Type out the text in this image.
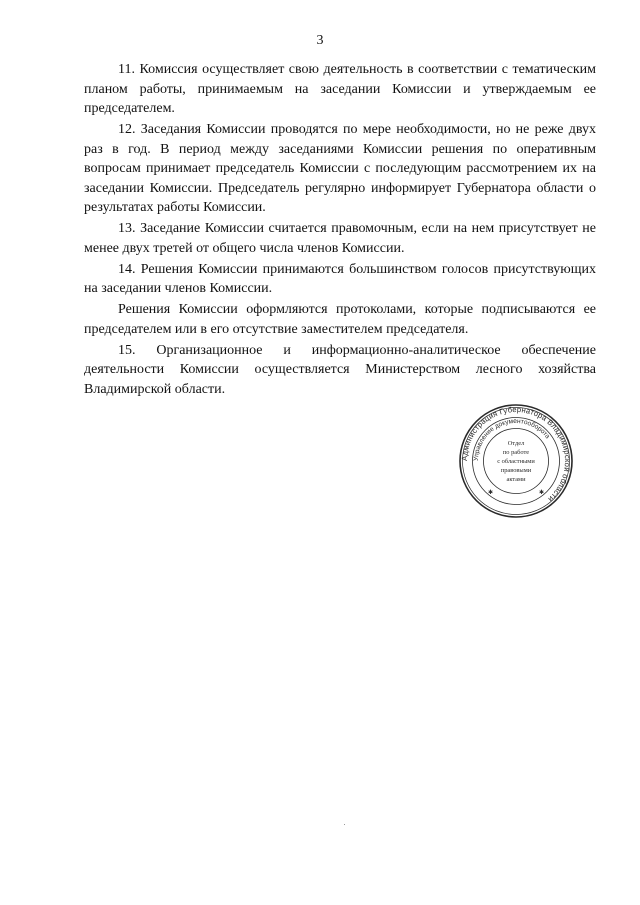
3

11. Комиссия осуществляет свою деятельность в соответствии с тематическим планом работы, принимаемым на заседании Комиссии и утверждаемым ее председателем.

12. Заседания Комиссии проводятся по мере необходимости, но не реже двух раз в год. В период между заседаниями Комиссии решения по оперативным вопросам принимает председатель Комиссии с последующим рассмотрением их на заседании Комиссии. Председатель регулярно информирует Губернатора области о результатах работы Комиссии.

13. Заседание Комиссии считается правомочным, если на нем присутствует не менее двух третей от общего числа членов Комиссии.

14. Решения Комиссии принимаются большинством голосов присутствующих на заседании членов Комиссии.

Решения Комиссии оформляются протоколами, которые подписываются ее председателем или в его отсутствие заместителем председателя.

15. Организационное и информационно-аналитическое обеспечение деятельности Комиссии осуществляется Министерством лесного хозяйства Владимирской области.

Администрация Губернатора Владимирской области
Управление документооборота
Отдел
по работе
с областными
правовыми
актами
✱	✱
